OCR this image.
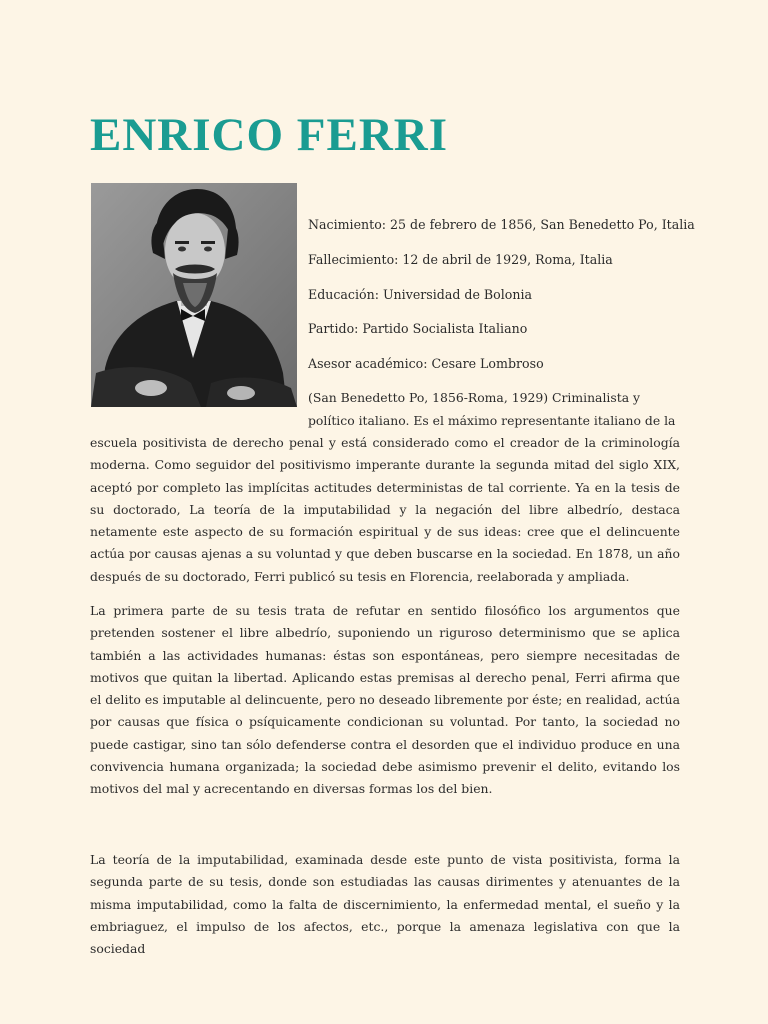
ENRICO FERRI

Nacimiento: 25 de febrero de 1856, San Benedetto Po, Italia

Fallecimiento: 12 de abril de 1929, Roma, Italia

Educación: Universidad de Bolonia

Partido: Partido Socialista Italiano

Asesor académico: Cesare Lombroso

(San Benedetto Po, 1856-Roma, 1929) Criminalista y
político italiano. Es el máximo representante italiano de la

escuela positivista de derecho penal y está considerado como el creador de la criminología moderna. Como seguidor del positivismo imperante durante la segunda mitad del siglo XIX, aceptó por completo las implícitas actitudes deterministas de tal corriente. Ya en la tesis de su doctorado, La teoría de la imputabilidad y la negación del libre albedrío, destaca netamente este aspecto de su formación espiritual y de sus ideas: cree que el delincuente actúa por causas ajenas a su voluntad y que deben buscarse en la sociedad. En 1878, un año después de su doctorado, Ferri publicó su tesis en Florencia, reelaborada y ampliada.

La primera parte de su tesis trata de refutar en sentido filosófico los argumentos que pretenden sostener el libre albedrío, suponiendo un riguroso determinismo que se aplica también a las actividades humanas: éstas son espontáneas, pero siempre necesitadas de motivos que quitan la libertad. Aplicando estas premisas al derecho penal, Ferri afirma que el delito es imputable al delincuente, pero no deseado libremente por éste; en realidad, actúa por causas que física o psíquicamente condicionan su voluntad. Por tanto, la sociedad no puede castigar, sino tan sólo defenderse contra el desorden que el individuo produce en una convivencia humana organizada; la sociedad debe asimismo prevenir el delito, evitando los motivos del mal y acrecentando en diversas formas los del bien.

La teoría de la imputabilidad, examinada desde este punto de vista positivista, forma la segunda parte de su tesis, donde son estudiadas las causas dirimentes y atenuantes de la misma imputabilidad, como la falta de discernimiento, la enfermedad mental, el sueño y la embriaguez, el impulso de los afectos, etc., porque la amenaza legislativa con que la sociedad
